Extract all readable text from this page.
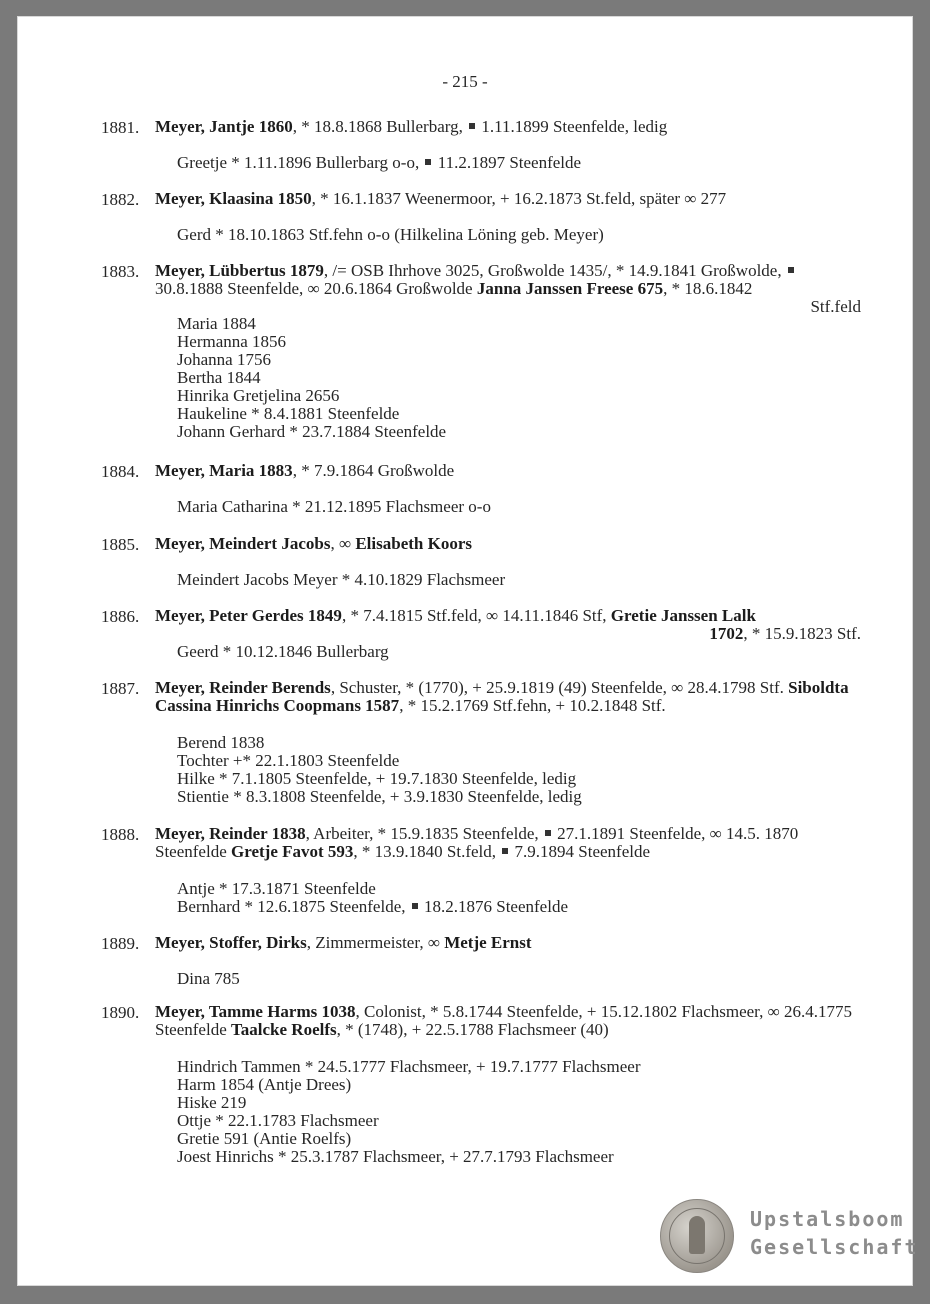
- 215 -
1881. Meyer, Jantje 1860, * 18.8.1868 Bullerbarg,  1.11.1899 Steenfelde, ledig
Greetje * 1.11.1896 Bullerbarg o-o,  11.2.1897 Steenfelde
1882. Meyer, Klaasina 1850, * 16.1.1837 Weenermoor, + 16.2.1873 St.feld, später ∞ 277
Gerd * 18.10.1863 Stf.fehn o-o (Hilkelina Löning geb. Meyer)
1883. Meyer, Lübbertus 1879, /= OSB Ihrhove 3025, Großwolde 1435/, * 14.9.1841 Großwolde,  30.8.1888 Steenfelde, ∞ 20.6.1864 Großwolde Janna Janssen Freese 675, * 18.6.1842
Stf.feld
Maria 1884
Hermanna 1856
Johanna 1756
Bertha 1844
Hinrika Gretjelina 2656
Haukeline * 8.4.1881 Steenfelde
Johann Gerhard * 23.7.1884 Steenfelde
1884. Meyer, Maria 1883, * 7.9.1864 Großwolde
Maria Catharina * 21.12.1895 Flachsmeer o-o
1885. Meyer, Meindert Jacobs, ∞ Elisabeth Koors
Meindert Jacobs Meyer * 4.10.1829 Flachsmeer
1886. Meyer, Peter Gerdes 1849, * 7.4.1815 Stf.feld, ∞ 14.11.1846 Stf, Gretie Janssen Lalk
1702, * 15.9.1823 Stf.
Geerd * 10.12.1846 Bullerbarg
1887. Meyer, Reinder Berends, Schuster, * (1770), + 25.9.1819 (49) Steenfelde, ∞ 28.4.1798 Stf. Siboldta Cassina Hinrichs Coopmans 1587, * 15.2.1769 Stf.fehn, + 10.2.1848 Stf.
Berend 1838
Tochter +* 22.1.1803 Steenfelde
Hilke * 7.1.1805 Steenfelde, + 19.7.1830 Steenfelde, ledig
Stientie * 8.3.1808 Steenfelde, + 3.9.1830 Steenfelde, ledig
1888. Meyer, Reinder 1838, Arbeiter, * 15.9.1835 Steenfelde,  27.1.1891 Steenfelde, ∞ 14.5. 1870 Steenfelde Gretje Favot 593, * 13.9.1840 St.feld,  7.9.1894 Steenfelde
Antje * 17.3.1871 Steenfelde
Bernhard * 12.6.1875 Steenfelde,  18.2.1876 Steenfelde
1889. Meyer, Stoffer, Dirks, Zimmermeister, ∞ Metje Ernst
Dina 785
1890. Meyer, Tamme Harms 1038, Colonist, * 5.8.1744 Steenfelde, + 15.12.1802 Flachsmeer, ∞ 26.4.1775 Steenfelde Taalcke Roelfs, * (1748), + 22.5.1788 Flachsmeer (40)
Hindrich Tammen * 24.5.1777 Flachsmeer, + 19.7.1777 Flachsmeer
Harm 1854 (Antje Drees)
Hiske 219
Ottje * 22.1.1783 Flachsmeer
Gretie 591 (Antie Roelfs)
Joest Hinrichs * 25.3.1787 Flachsmeer, + 27.7.1793 Flachsmeer
Upstalsboom
Gesellschaft
